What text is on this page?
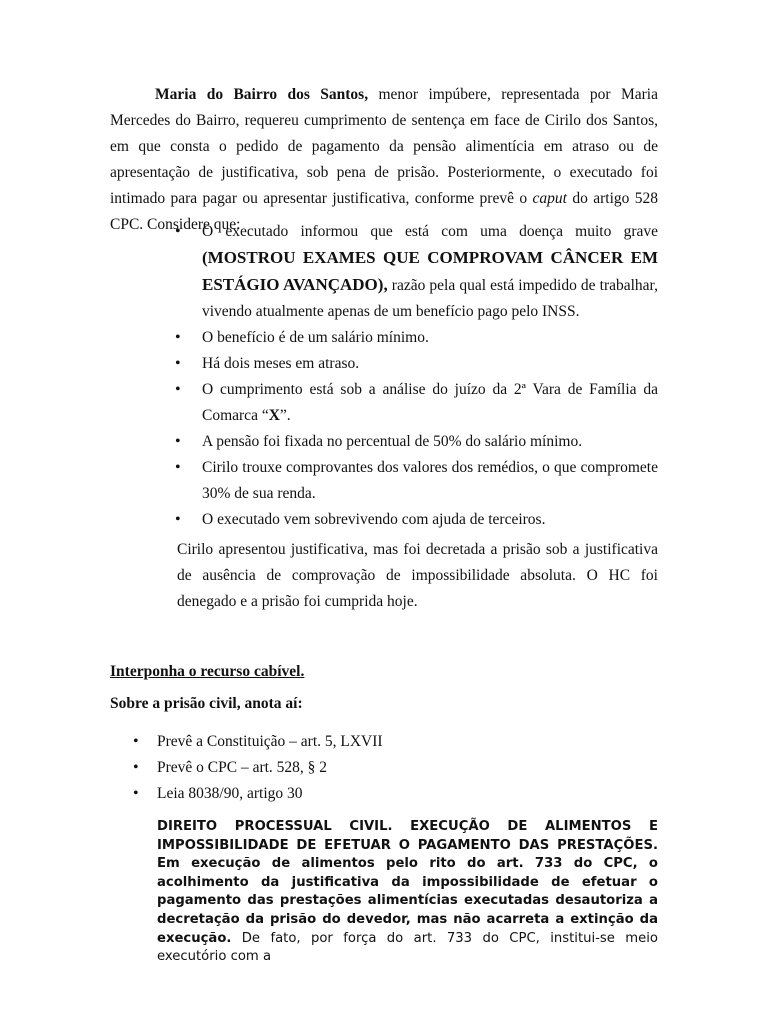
Maria do Bairro dos Santos, menor impúbere, representada por Maria Mercedes do Bairro, requereu cumprimento de sentença em face de Cirilo dos Santos, em que consta o pedido de pagamento da pensão alimentícia em atraso ou de apresentação de justificativa, sob pena de prisão. Posteriormente, o executado foi intimado para pagar ou apresentar justificativa, conforme prevê o caput do artigo 528 CPC. Considere que:
• O executado informou que está com uma doença muito grave (MOSTROU EXAMES QUE COMPROVAM CÂNCER EM ESTÁGIO AVANÇADO), razão pela qual está impedido de trabalhar, vivendo atualmente apenas de um benefício pago pelo INSS.
• O benefício é de um salário mínimo.
• Há dois meses em atraso.
• O cumprimento está sob a análise do juízo da 2ª Vara de Família da Comarca “X”.
• A pensão foi fixada no percentual de 50% do salário mínimo.
• Cirilo trouxe comprovantes dos valores dos remédios, o que compromete 30% de sua renda.
• O executado vem sobrevivendo com ajuda de terceiros.
Cirilo apresentou justificativa, mas foi decretada a prisão sob a justificativa de ausência de comprovação de impossibilidade absoluta. O HC foi denegado e a prisão foi cumprida hoje.
Interponha o recurso cabível.
Sobre a prisão civil, anota aí:
• Prevê a Constituição – art. 5, LXVII
• Prevê o CPC – art. 528, § 2
• Leia 8038/90, artigo 30
DIREITO PROCESSUAL CIVIL. EXECUÇÃO DE ALIMENTOS E IMPOSSIBILIDADE DE EFETUAR O PAGAMENTO DAS PRESTAÇÕES. Em execução de alimentos pelo rito do art. 733 do CPC, o acolhimento da justificativa da impossibilidade de efetuar o pagamento das prestações alimentícias executadas desautoriza a decretação da prisão do devedor, mas não acarreta a extinção da execução. De fato, por força do art. 733 do CPC, institui-se meio executório com a
